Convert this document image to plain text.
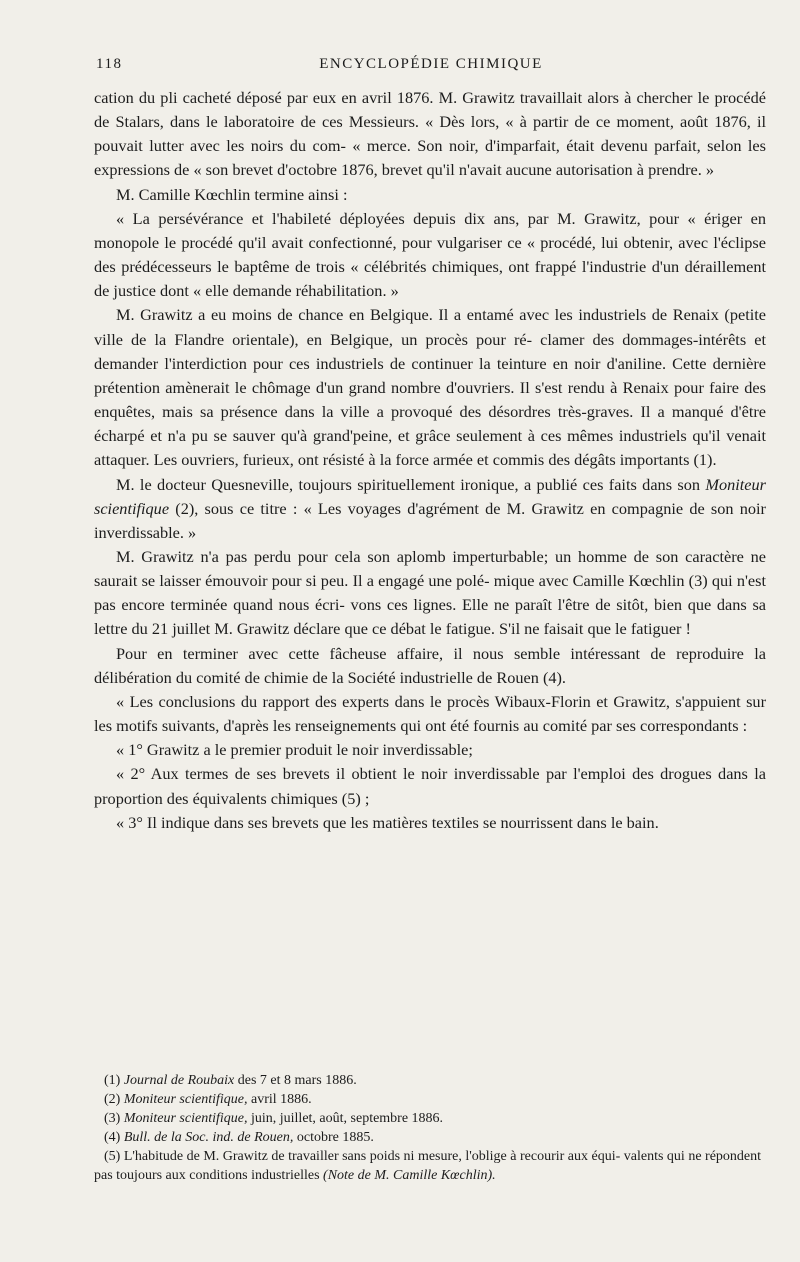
118	ENCYCLOPÉDIE CHIMIQUE

cation du pli cacheté déposé par eux en avril 1876. M. Grawitz travaillait alors à chercher le procédé de Stalars, dans le laboratoire de ces Messieurs. « Dès lors, « à partir de ce moment, août 1876, il pouvait lutter avec les noirs du com- « merce. Son noir, d'imparfait, était devenu parfait, selon les expressions de « son brevet d'octobre 1876, brevet qu'il n'avait aucune autorisation à prendre. »

M. Camille Kœchlin termine ainsi :

« La persévérance et l'habileté déployées depuis dix ans, par M. Grawitz, pour « ériger en monopole le procédé qu'il avait confectionné, pour vulgariser ce « procédé, lui obtenir, avec l'éclipse des prédécesseurs le baptême de trois « célébrités chimiques, ont frappé l'industrie d'un déraillement de justice dont « elle demande réhabilitation. »

M. Grawitz a eu moins de chance en Belgique. Il a entamé avec les industriels de Renaix (petite ville de la Flandre orientale), en Belgique, un procès pour ré- clamer des dommages-intérêts et demander l'interdiction pour ces industriels de continuer la teinture en noir d'aniline. Cette dernière prétention amènerait le chômage d'un grand nombre d'ouvriers. Il s'est rendu à Renaix pour faire des enquêtes, mais sa présence dans la ville a provoqué des désordres très-graves. Il a manqué d'être écharpé et n'a pu se sauver qu'à grand'peine, et grâce seulement à ces mêmes industriels qu'il venait attaquer. Les ouvriers, furieux, ont résisté à la force armée et commis des dégâts importants (1).

M. le docteur Quesneville, toujours spirituellement ironique, a publié ces faits dans son Moniteur scientifique (2), sous ce titre : « Les voyages d'agrément de M. Grawitz en compagnie de son noir inverdissable. »

M. Grawitz n'a pas perdu pour cela son aplomb imperturbable; un homme de son caractère ne saurait se laisser émouvoir pour si peu. Il a engagé une polé- mique avec Camille Kœchlin (3) qui n'est pas encore terminée quand nous écri- vons ces lignes. Elle ne paraît l'être de sitôt, bien que dans sa lettre du 21 juillet M. Grawitz déclare que ce débat le fatigue. S'il ne faisait que le fatiguer !

Pour en terminer avec cette fâcheuse affaire, il nous semble intéressant de reproduire la délibération du comité de chimie de la Société industrielle de Rouen (4).

« Les conclusions du rapport des experts dans le procès Wibaux-Florin et Grawitz, s'appuient sur les motifs suivants, d'après les renseignements qui ont été fournis au comité par ses correspondants :

« 1° Grawitz a le premier produit le noir inverdissable;

« 2° Aux termes de ses brevets il obtient le noir inverdissable par l'emploi des drogues dans la proportion des équivalents chimiques (5) ;

« 3° Il indique dans ses brevets que les matières textiles se nourrissent dans le bain.

(1) Journal de Roubaix des 7 et 8 mars 1886.

(2) Moniteur scientifique, avril 1886.

(3) Moniteur scientifique, juin, juillet, août, septembre 1886.

(4) Bull. de la Soc. ind. de Rouen, octobre 1885.

(5) L'habitude de M. Grawitz de travailler sans poids ni mesure, l'oblige à recourir aux équi- valents qui ne répondent pas toujours aux conditions industrielles (Note de M. Camille Kœchlin).
